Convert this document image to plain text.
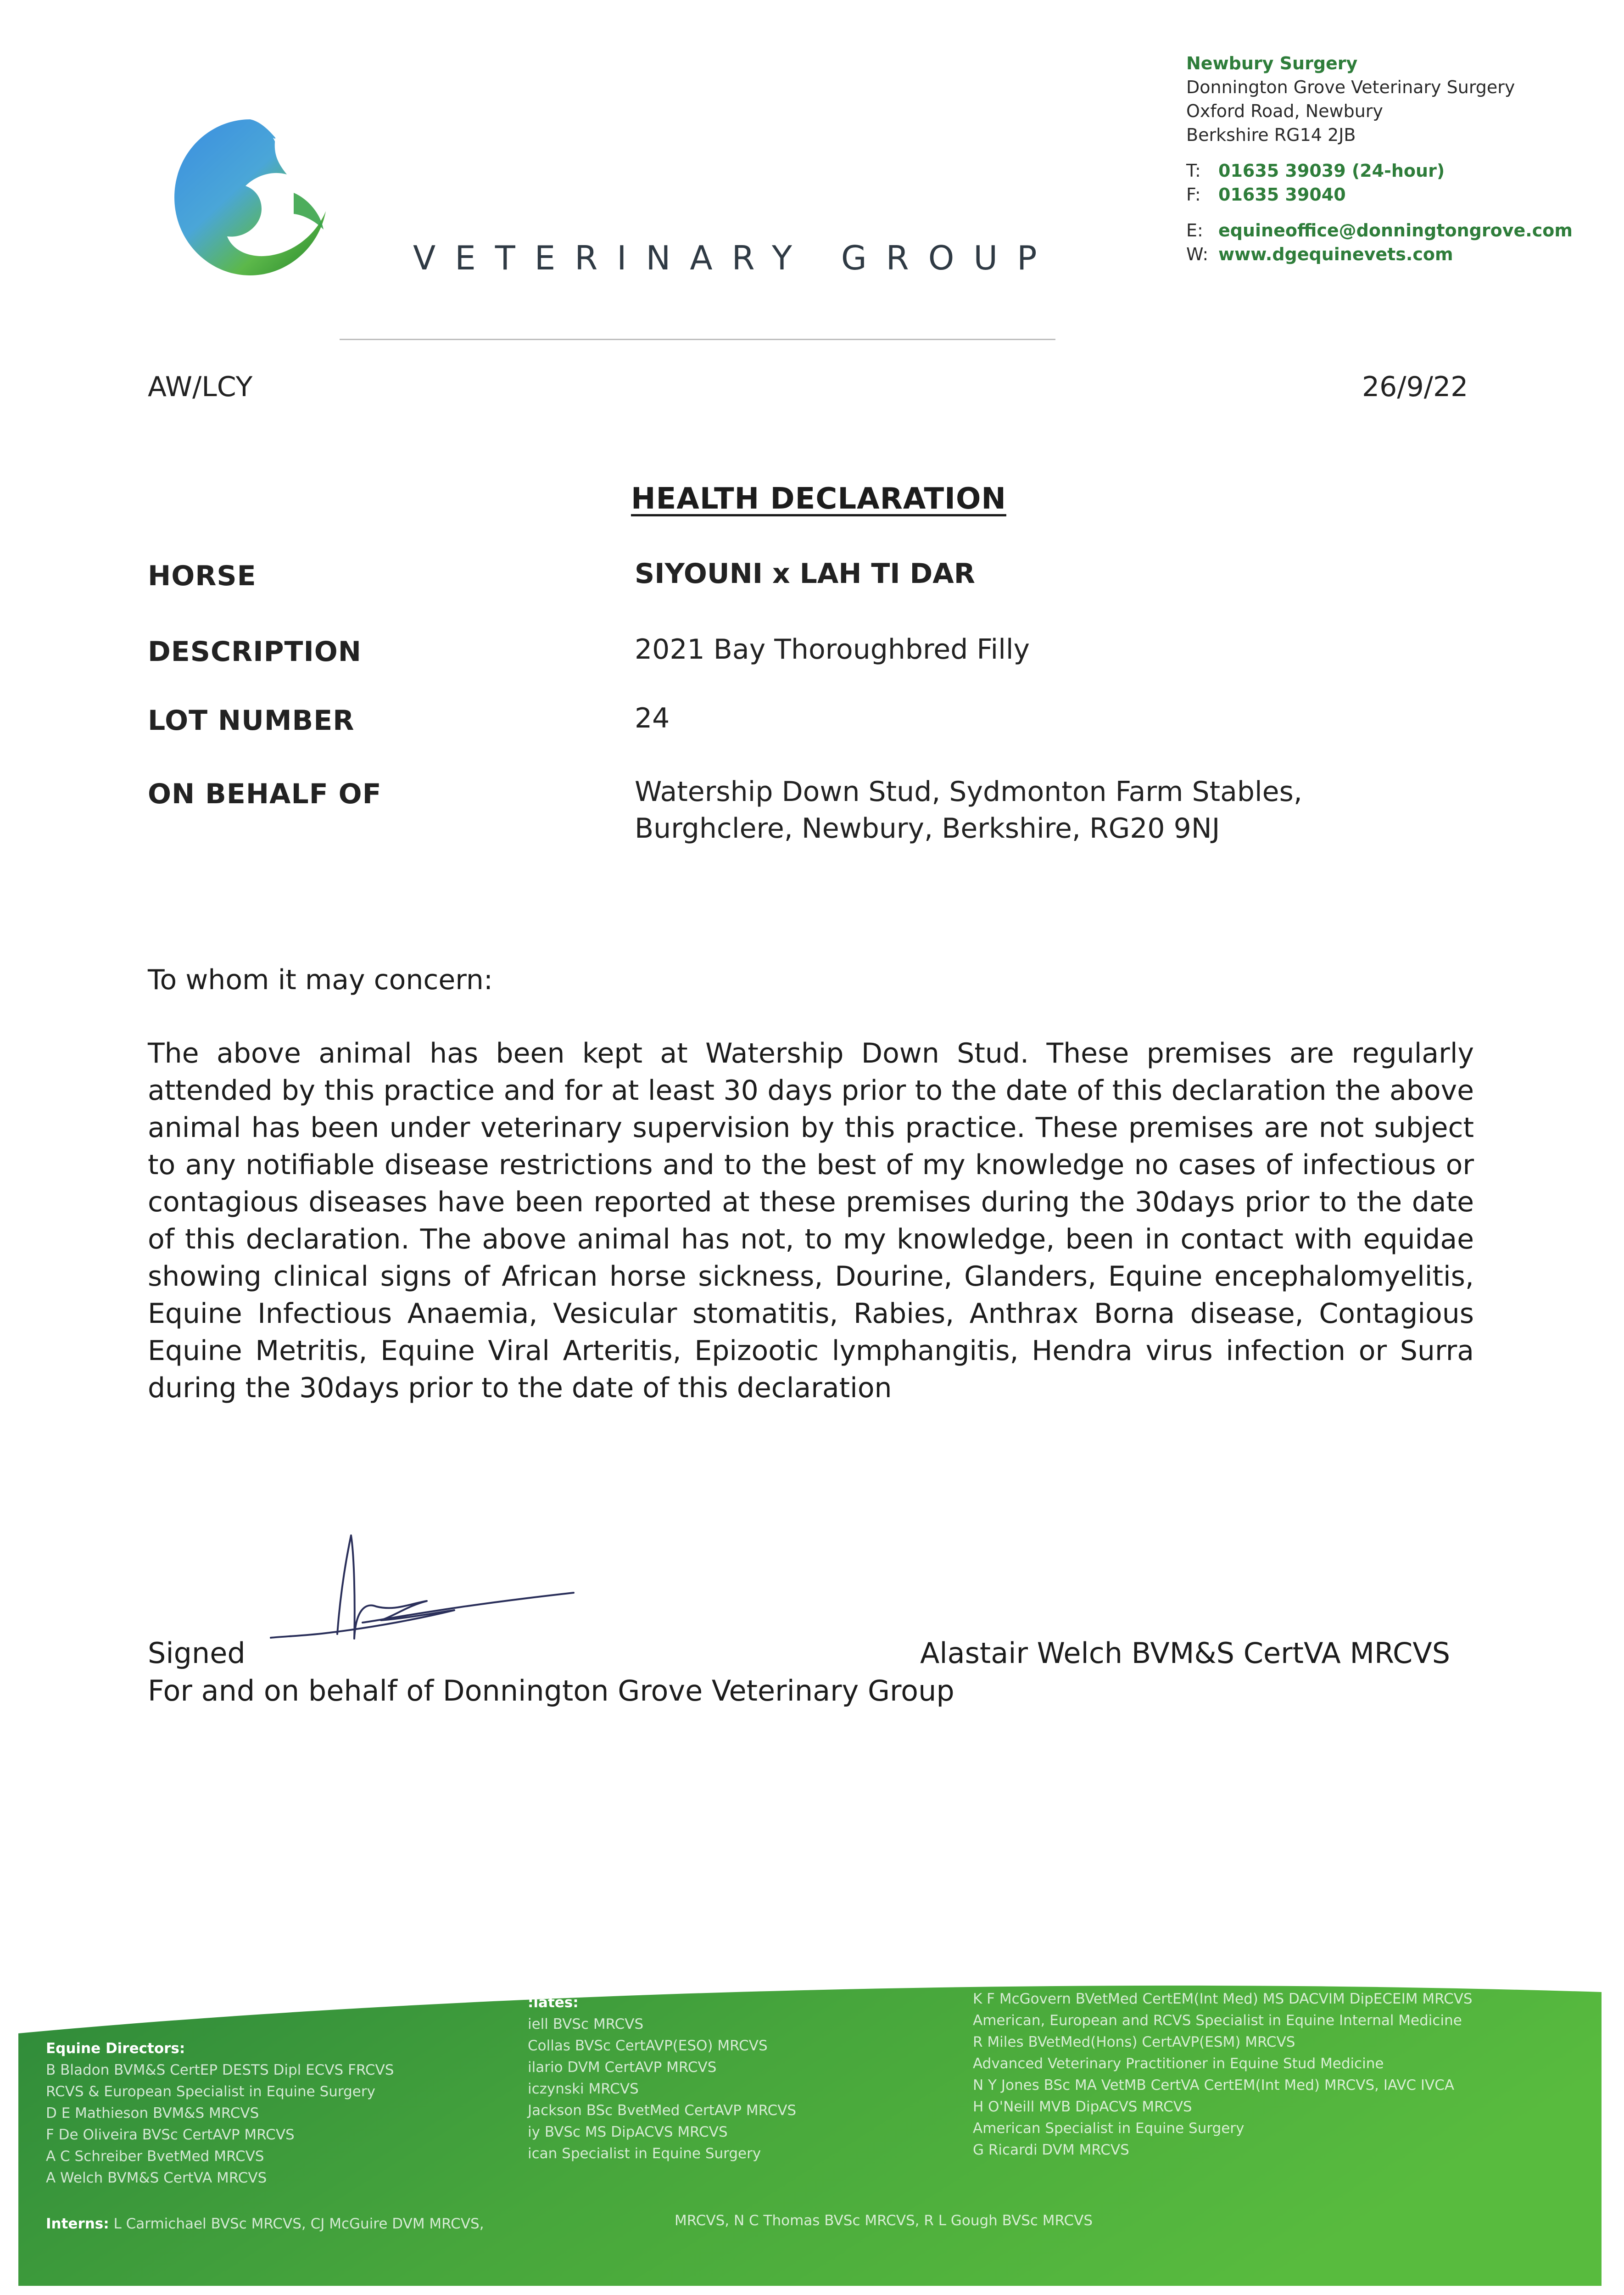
VETERINARY GROUP
Newbury Surgery
Donnington Grove Veterinary Surgery
Oxford Road, Newbury
Berkshire RG14 2JB
T: 01635 39039 (24-hour)
F: 01635 39040
E: equineoffice@donningtongrove.com
W: www.dgequinevets.com
AW/LCY	26/9/22
HEALTH DECLARATION
HORSE	SIYOUNI x LAH TI DAR
DESCRIPTION	2021 Bay Thoroughbred Filly
LOT NUMBER	24
ON BEHALF OF	Watership Down Stud, Sydmonton Farm Stables,
Burghclere, Newbury, Berkshire, RG20 9NJ
To whom it may concern:
The above animal has been kept at Watership Down Stud. These premises are regularly attended by this practice and for at least 30 days prior to the date of this declaration the above animal has been under veterinary supervision by this practice. These premises are not subject to any notifiable disease restrictions and to the best of my knowledge no cases of infectious or contagious diseases have been reported at these premises during the 30days prior to the date of this declaration. The above animal has not, to my knowledge, been in contact with equidae showing clinical signs of African horse sickness, Dourine, Glanders, Equine encephalomyelitis, Equine Infectious Anaemia, Vesicular stomatitis, Rabies, Anthrax Borna disease, Contagious Equine Metritis, Equine Viral Arteritis, Epizootic lymphangitis, Hendra virus infection or Surra during the 30days prior to the date of this declaration
Signed	Alastair Welch BVM&S CertVA MRCVS
For and on behalf of Donnington Grove Veterinary Group
Equine Directors:
B Bladon BVM&S CertEP DESTS Dipl ECVS FRCVS
RCVS & European Specialist in Equine Surgery
D E Mathieson BVM&S MRCVS
F De Oliveira BVSc CertAVP MRCVS
A C Schreiber BvetMed MRCVS
A Welch BVM&S CertVA MRCVS
:iates:
iell BVSc MRCVS
Collas BVSc CertAVP(ESO) MRCVS
ilario DVM CertAVP MRCVS
iczynski MRCVS
Jackson BSc BvetMed CertAVP MRCVS
iy BVSc MS DipACVS MRCVS
ican Specialist in Equine Surgery
K F McGovern BVetMed CertEM(Int Med) MS DACVIM DipECEIM MRCVS
American, European and RCVS Specialist in Equine Internal Medicine
R Miles BVetMed(Hons) CertAVP(ESM) MRCVS
Advanced Veterinary Practitioner in Equine Stud Medicine
N Y Jones BSc MA VetMB CertVA CertEM(Int Med) MRCVS, IAVC IVCA
H O'Neill MVB DipACVS MRCVS
American Specialist in Equine Surgery
G Ricardi DVM MRCVS
Interns: L Carmichael BVSc MRCVS, CJ McGuire DVM MRCVS,	MRCVS, N C Thomas BVSc MRCVS, R L Gough BVSc MRCVS
